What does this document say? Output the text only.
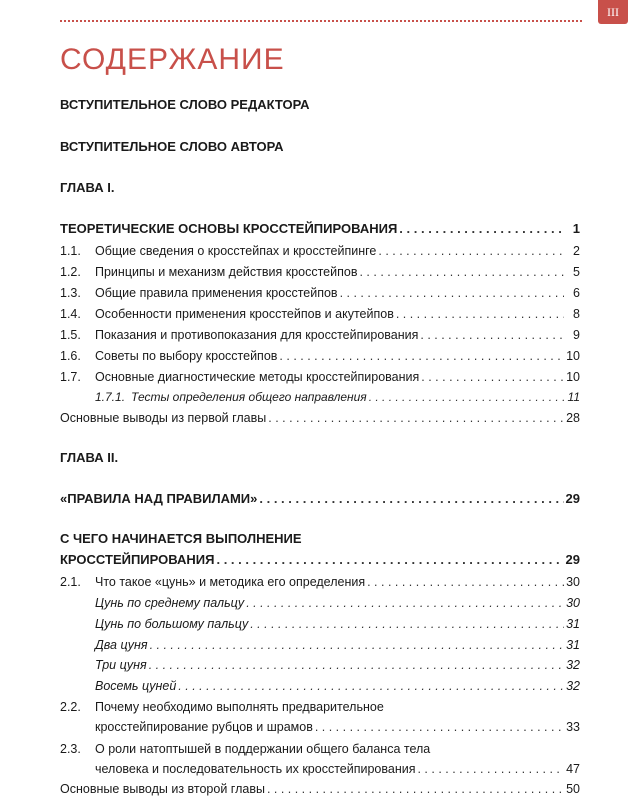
III
СОДЕРЖАНИЕ
ВСТУПИТЕЛЬНОЕ СЛОВО РЕДАКТОРА
ВСТУПИТЕЛЬНОЕ СЛОВО АВТОРА
ГЛАВА I.
ТЕОРЕТИЧЕСКИЕ ОСНОВЫ КРОССТЕЙПИРОВАНИЯ . . .	1
1.1.	Общие сведения о кросстейпах и кросстейпинге . . .	2
1.2.	Принципы и механизм действия кросстейпов . . .	5
1.3.	Общие правила применения кросстейпов . . .	6
1.4.	Особенности применения кросстейпов и акутейпов . . .	8
1.5.	Показания и противопоказания для кросстейпирования . . .	9
1.6.	Советы по выбору кросстейпов . . .	10
1.7.	Основные диагностические методы кросстейпирования . . .	10
1.7.1. Тесты определения общего направления . . .	11
Основные выводы из первой главы . . .	28
ГЛАВА II.
«ПРАВИЛА НАД ПРАВИЛАМИ» . . .	29
С ЧЕГО НАЧИНАЕТСЯ ВЫПОЛНЕНИЕ
КРОССТЕЙПИРОВАНИЯ . . .	29
2.1.	Что такое «цунь» и методика его определения . . .	30
Цунь по среднему пальцу . . .	30
Цунь по большому пальцу . . .	31
Два цуня . . .	31
Три цуня . . .	32
Восемь цуней . . .	32
2.2.	Почему необходимо выполнять предварительное
кросстейпирование рубцов и шрамов . . .	33
2.3.	О роли натоптышей в поддержании общего баланса тела
человека и последовательность их кросстейпирования . . .	47
Основные выводы из второй главы . . .	50
